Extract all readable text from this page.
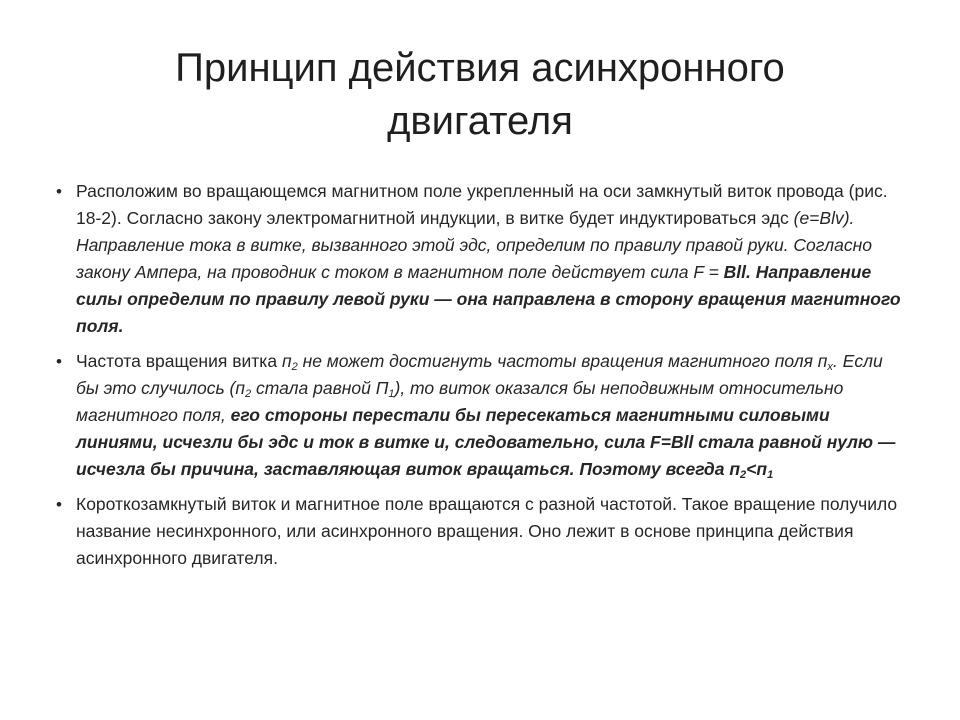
Принцип действия асинхронного
двигателя
• Расположим во вращающемся магнитном поле укрепленный на оси замкнутый виток провода (рис. 18-2). Согласно закону электромагнитной индукции, в витке будет индуктироваться эдс (e=Blv). Направление тока в витке, вызванного этой эдс, определим по правилу правой руки. Согласно закону Ампера, на проводник с током в магнитном поле действует сила F = Bll. Направление силы определим по правилу левой руки — она направлена в сторону вращения магнитного поля.
• Частота вращения витка $п_2$ не может достигнуть частоты вращения магнитного поля $п_х$. Если бы это случилось ($п_2$ стала равной $П_1$), то виток оказался бы неподвижным относительно магнитного поля, его стороны перестали бы пересекаться магнитными силовыми линиями, исчезли бы эдс и ток в витке и, следовательно, сила F=Bll стала равной нулю — исчезла бы причина, заставляющая виток вращаться. Поэтому всегда $п_2<п_1$
• Короткозамкнутый виток и магнитное поле вращаются с разной частотой. Такое вращение получило название несинхронного, или асинхронного вращения. Оно лежит в основе принципа действия асинхронного двигателя.
